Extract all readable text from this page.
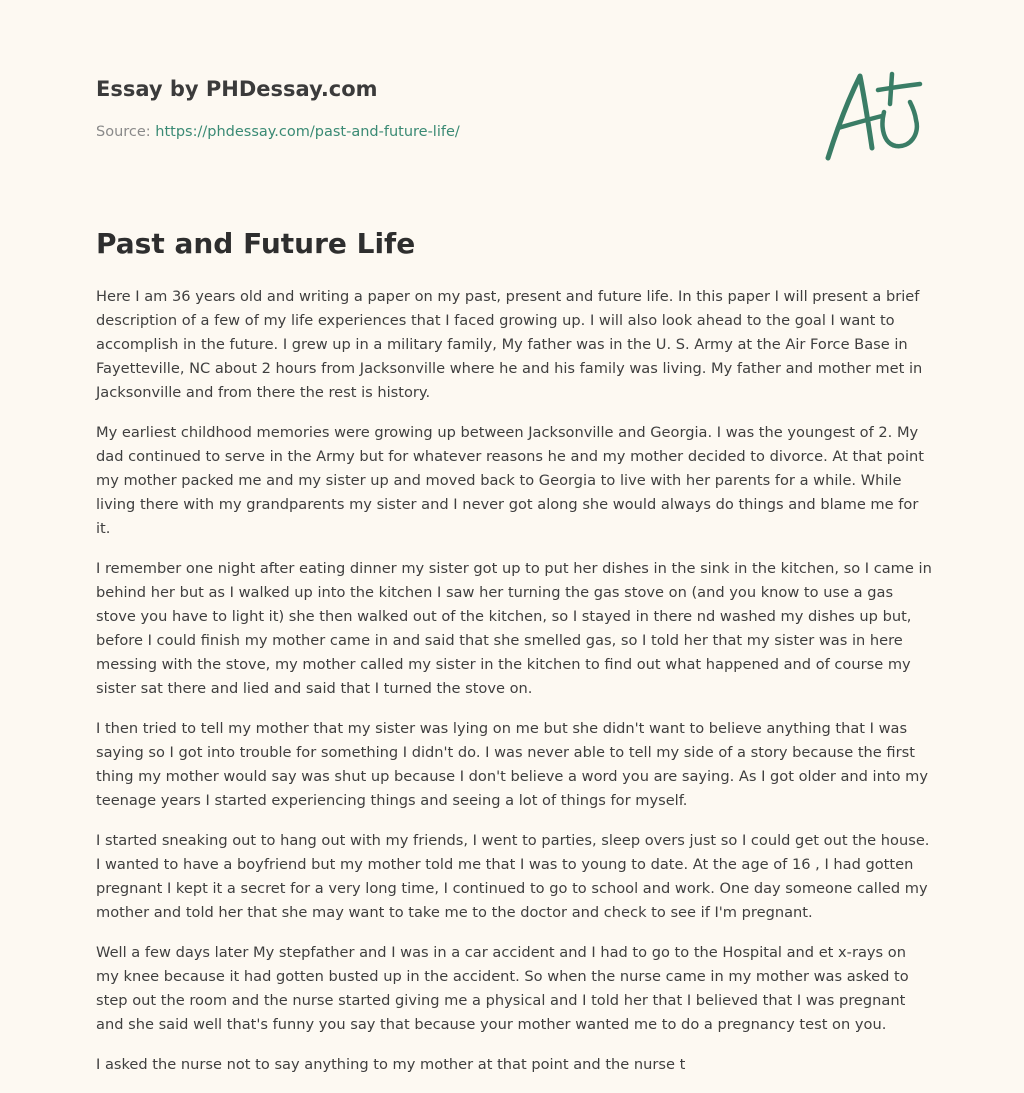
Essay by PHDessay.com
Source: https://phdessay.com/past-and-future-life/
Past and Future Life

Here I am 36 years old and writing a paper on my past, present and future life. In this paper I will present a brief description of a few of my life experiences that I faced growing up. I will also look ahead to the goal I want to accomplish in the future. I grew up in a military family, My father was in the U. S. Army at the Air Force Base in Fayetteville, NC about 2 hours from Jacksonville where he and his family was living. My father and mother met in Jacksonville and from there the rest is history.

My earliest childhood memories were growing up between Jacksonville and Georgia. I was the youngest of 2. My dad continued to serve in the Army but for whatever reasons he and my mother decided to divorce. At that point my mother packed me and my sister up and moved back to Georgia to live with her parents for a while. While living there with my grandparents my sister and I never got along she would always do things and blame me for it.

I remember one night after eating dinner my sister got up to put her dishes in the sink in the kitchen, so I came in behind her but as I walked up into the kitchen I saw her turning the gas stove on (and you know to use a gas stove you have to light it) she then walked out of the kitchen, so I stayed in there nd washed my dishes up but, before I could finish my mother came in and said that she smelled gas, so I told her that my sister was in here messing with the stove, my mother called my sister in the kitchen to find out what happened and of course my sister sat there and lied and said that I turned the stove on.

I then tried to tell my mother that my sister was lying on me but she didn't want to believe anything that I was saying so I got into trouble for something I didn't do. I was never able to tell my side of a story because the first thing my mother would say was shut up because I don't believe a word you are saying. As I got older and into my teenage years I started experiencing things and seeing a lot of things for myself.

I started sneaking out to hang out with my friends, I went to parties, sleep overs just so I could get out the house. I wanted to have a boyfriend but my mother told me that I was to young to date. At the age of 16 , I had gotten pregnant I kept it a secret for a very long time, I continued to go to school and work. One day someone called my mother and told her that she may want to take me to the doctor and check to see if I'm pregnant.

Well a few days later My stepfather and I was in a car accident and I had to go to the Hospital and et x-rays on my knee because it had gotten busted up in the accident. So when the nurse came in my mother was asked to step out the room and the nurse started giving me a physical and I told her that I believed that I was pregnant and she said well that's funny you say that because your mother wanted me to do a pregnancy test on you.

I asked the nurse not to say anything to my mother at that point and the nurse t
